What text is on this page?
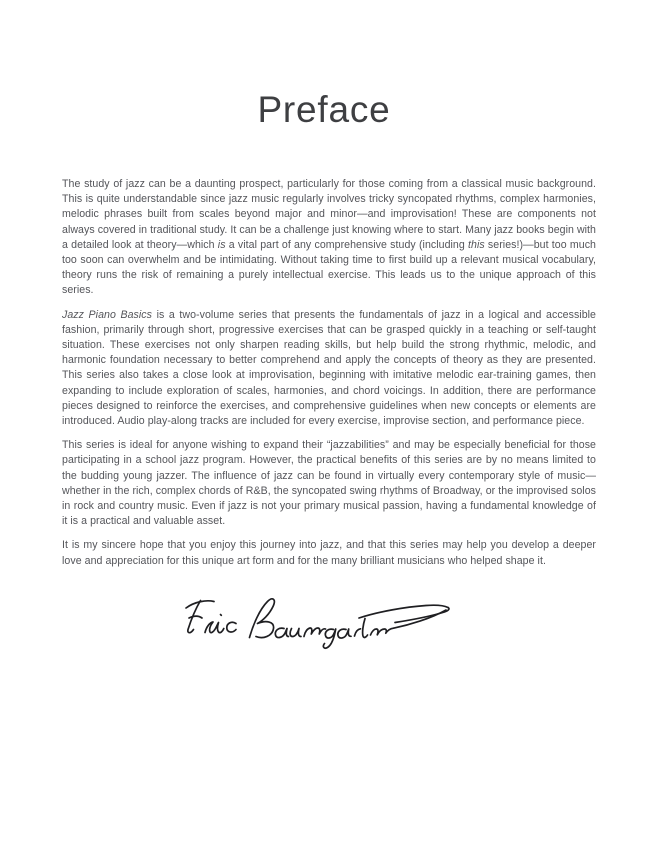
Preface

The study of jazz can be a daunting prospect, particularly for those coming from a classical music background. This is quite understandable since jazz music regularly involves tricky syncopated rhythms, complex harmonies, melodic phrases built from scales beyond major and minor—and improvisation! These are components not always covered in traditional study. It can be a challenge just knowing where to start. Many jazz books begin with a detailed look at theory—which is a vital part of any comprehensive study (including this series!)—but too much too soon can overwhelm and be intimidating. Without taking time to first build up a relevant musical vocabulary, theory runs the risk of remaining a purely intellectual exercise. This leads us to the unique approach of this series.

Jazz Piano Basics is a two-volume series that presents the fundamentals of jazz in a logical and accessible fashion, primarily through short, progressive exercises that can be grasped quickly in a teaching or self-taught situation. These exercises not only sharpen reading skills, but help build the strong rhythmic, melodic, and harmonic foundation necessary to better comprehend and apply the concepts of theory as they are presented. This series also takes a close look at improvisation, beginning with imitative melodic ear-training games, then expanding to include exploration of scales, harmonies, and chord voicings. In addition, there are performance pieces designed to reinforce the exercises, and comprehensive guidelines when new concepts or elements are introduced. Audio play-along tracks are included for every exercise, improvise section, and performance piece.

This series is ideal for anyone wishing to expand their “jazzabilities” and may be especially beneficial for those participating in a school jazz program. However, the practical benefits of this series are by no means limited to the budding young jazzer. The influence of jazz can be found in virtually every contemporary style of music—whether in the rich, complex chords of R&B, the syncopated swing rhythms of Broadway, or the improvised solos in rock and country music. Even if jazz is not your primary musical passion, having a fundamental knowledge of it is a practical and valuable asset.

It is my sincere hope that you enjoy this journey into jazz, and that this series may help you develop a deeper love and appreciation for this unique art form and for the many brilliant musicians who helped shape it.
